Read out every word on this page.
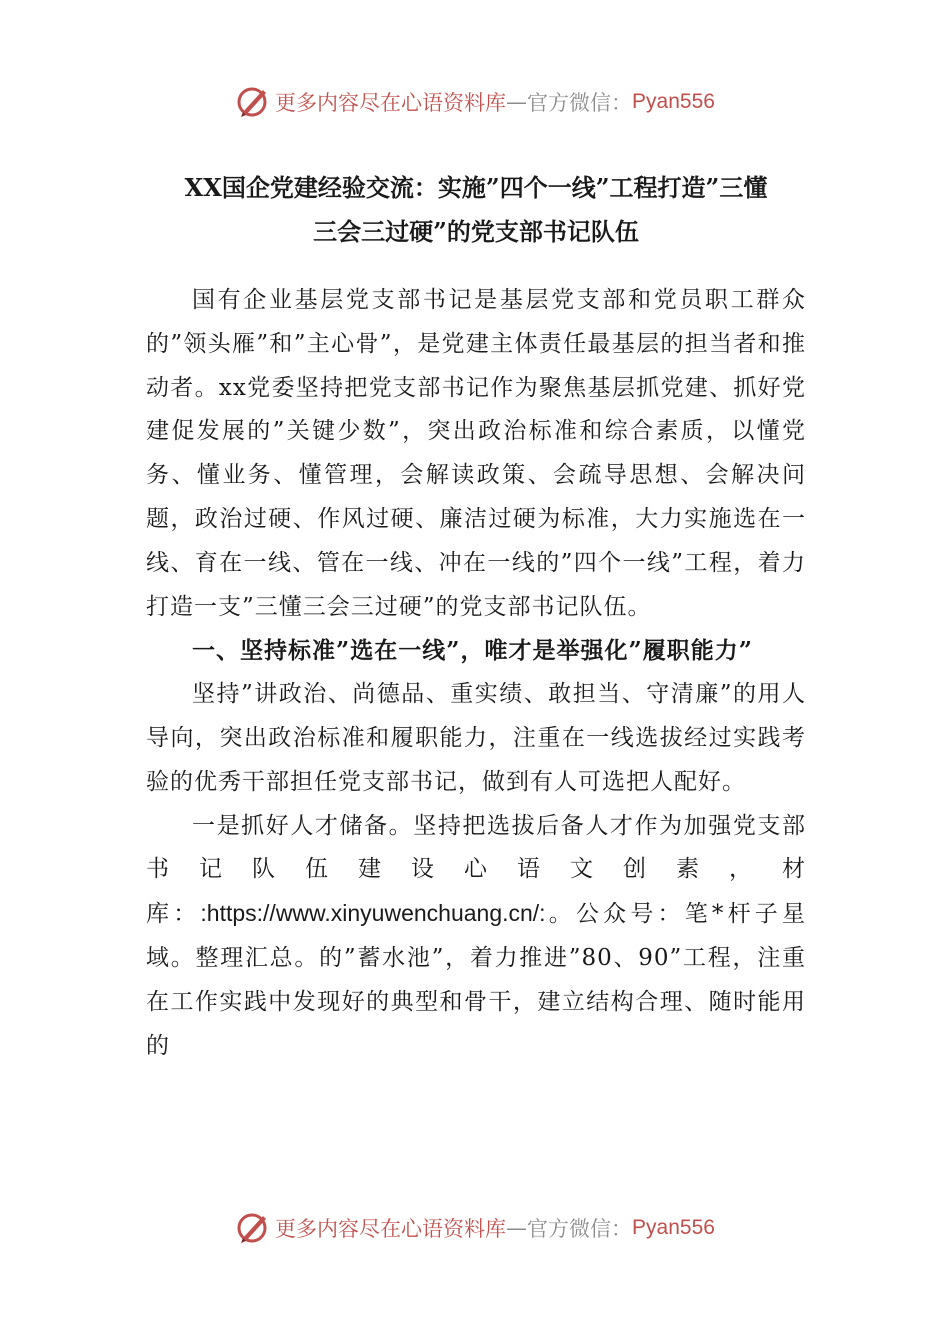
更多内容尽在心语资料库 — 官方微信： Pyan556
XX国企党建经验交流：实施”四个一线”工程打造”三懂
三会三过硬”的党支部书记队伍

国有企业基层党支部书记是基层党支部和党员职工群众的”领头雁”和”主心骨”，是党建主体责任最基层的担当者和推动者。xx党委坚持把党支部书记作为聚焦基层抓党建、抓好党建促发展的”关键少数”，突出政治标准和综合素质，以懂党务、懂业务、懂管理，会解读政策、会疏导思想、会解决问题，政治过硬、作风过硬、廉洁过硬为标准，大力实施选在一线、育在一线、管在一线、冲在一线的”四个一线”工程，着力打造一支”三懂三会三过硬”的党支部书记队伍。

一、坚持标准”选在一线”，唯才是举强化”履职能力”

坚持”讲政治、尚德品、重实绩、敢担当、守清廉”的用人导向，突出政治标准和履职能力，注重在一线选拔经过实践考验的优秀干部担任党支部书记，做到有人可选把人配好。

一是抓好人才储备。坚持把选拔后备人才作为加强党支部书记队伍建设心语文创素，材库：:https://www.xinyuwenchuang.cn/:。公众号：笔*杆子星域。整理汇总。的”蓄水池”，着力推进”80、90”工程，注重在工作实践中发现好的典型和骨干，建立结构合理、随时能用的

更多内容尽在心语资料库 — 官方微信： Pyan556
